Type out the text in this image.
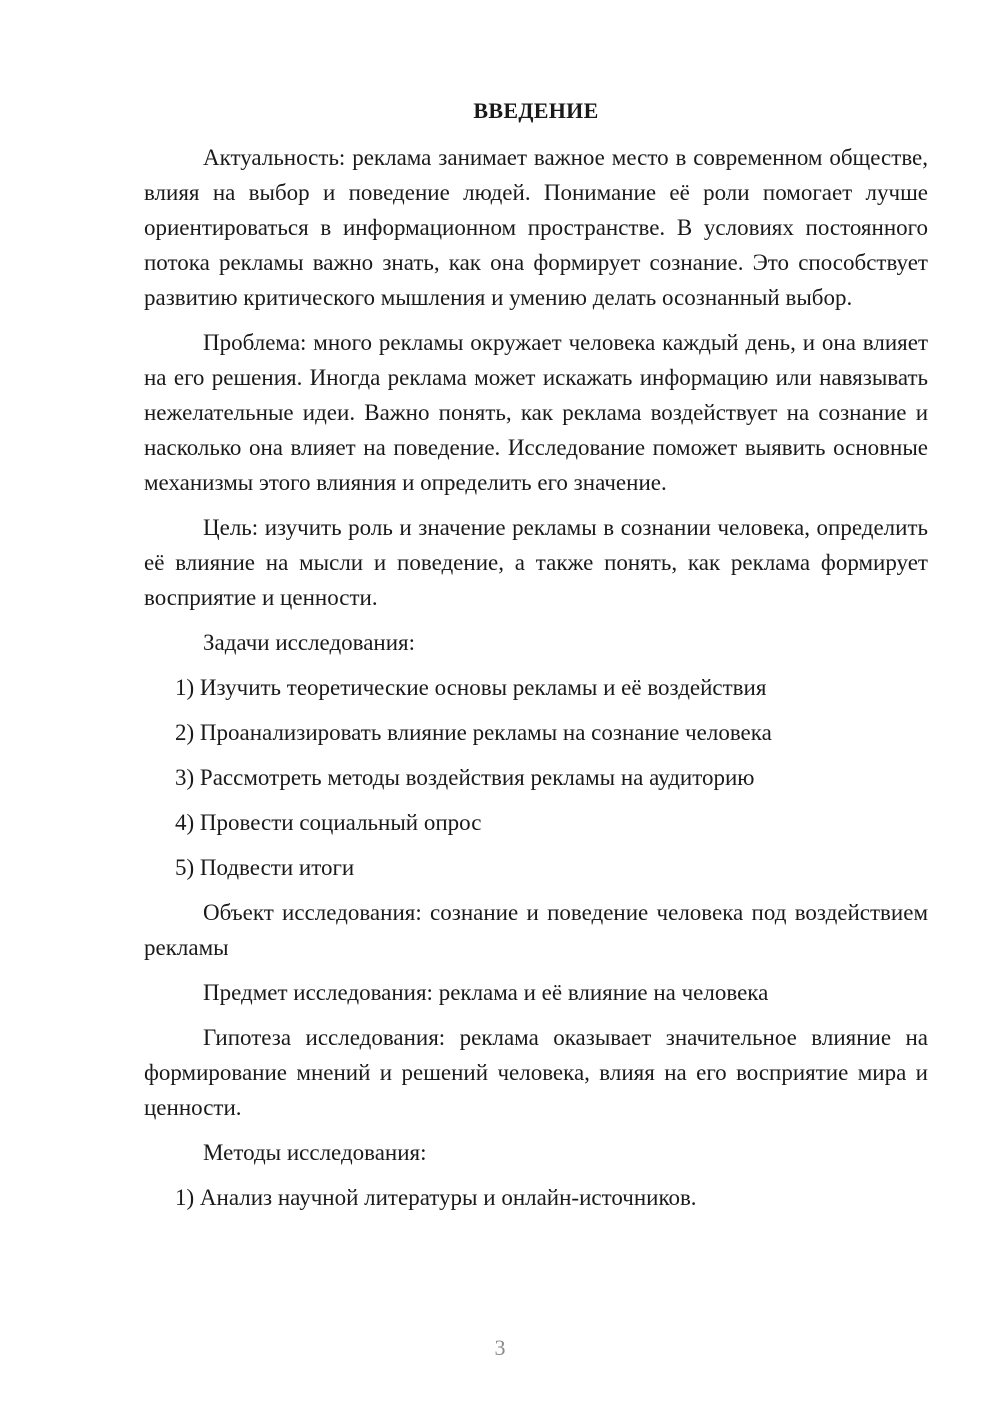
ВВЕДЕНИЕ

Актуальность: реклама занимает важное место в современном обществе, влияя на выбор и поведение людей. Понимание её роли помогает лучше ориентироваться в информационном пространстве. В условиях постоянного потока рекламы важно знать, как она формирует сознание. Это способствует развитию критического мышления и умению делать осознанный выбор.

Проблема: много рекламы окружает человека каждый день, и она влияет на его решения. Иногда реклама может искажать информацию или навязывать нежелательные идеи. Важно понять, как реклама воздействует на сознание и насколько она влияет на поведение. Исследование поможет выявить основные механизмы этого влияния и определить его значение.

Цель: изучить роль и значение рекламы в сознании человека, определить её влияние на мысли и поведение, а также понять, как реклама формирует восприятие и ценности.

Задачи исследования:

1) Изучить теоретические основы рекламы и её воздействия

2) Проанализировать влияние рекламы на сознание человека

3) Рассмотреть методы воздействия рекламы на аудиторию

4) Провести социальный опрос

5) Подвести итоги

Объект исследования: сознание и поведение человека под воздействием рекламы

Предмет исследования: реклама и её влияние на человека

Гипотеза исследования: реклама оказывает значительное влияние на формирование мнений и решений человека, влияя на его восприятие мира и ценности.

Методы исследования:

1) Анализ научной литературы и онлайн-источников.

3
